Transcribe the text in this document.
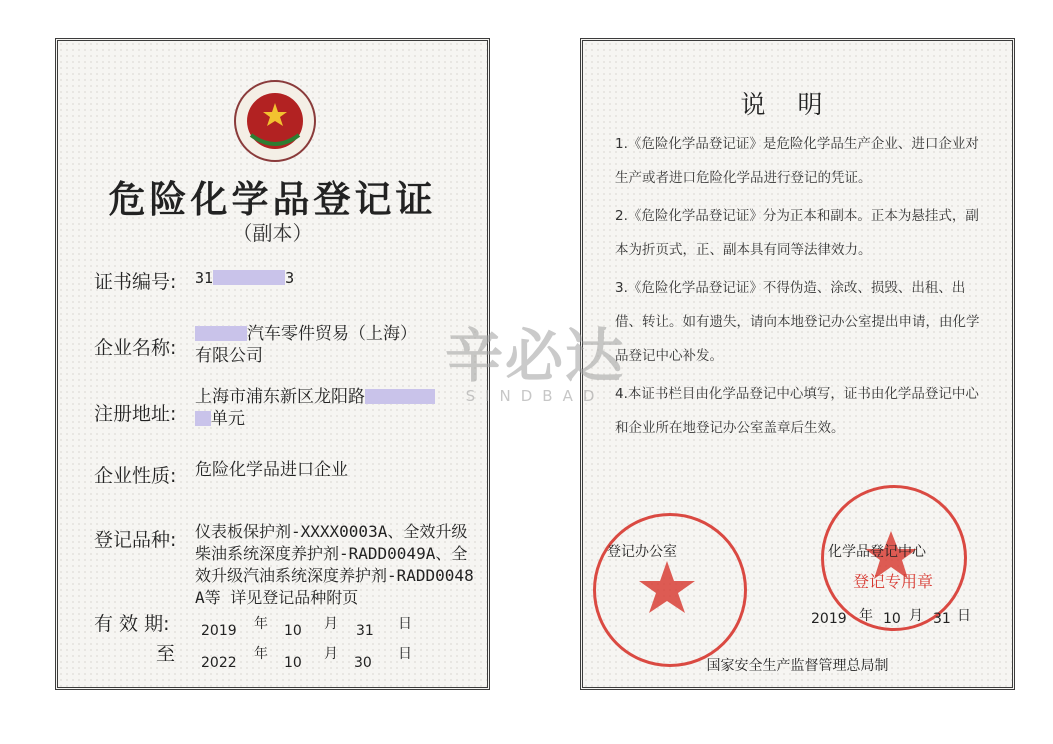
危险化学品登记证
（副本）
证书编号: 31	3
企业名称:
汽车零件贸易（上海）
有限公司
注册地址:
上海市浦东新区龙阳路
单元
企业性质: 危险化学品进口企业
登记品种: 仪表板保护剂-XXXX0003A、全效升级柴油系统深度养护剂-RADD0049A、全效升级汽油系统深度养护剂-RADD0048A等 详见登记品种附页
有 效 期: 2019 年 10 月 31 日
至 2022
年
10
月
30
日
说明
1.《危险化学品登记证》是危险化学品生产企业、进口企业对生产或者进口危险化学品进行登记的凭证。
2.《危险化学品登记证》分为正本和副本。正本为悬挂式，副本为折页式，正、副本具有同等法律效力。
3.《危险化学品登记证》不得伪造、涂改、损毁、出租、出借、转让。如有遗失，请向本地登记办公室提出申请，由化学品登记中心补发。
4.本证书栏目由化学品登记中心填写，证书由化学品登记中心和企业所在地登记办公室盖章后生效。
登记办公室
登记专用章
化学品登记中心
2019 年 10 月 31 日
国家安全生产监督管理总局制
辛必达
SINDBAD
